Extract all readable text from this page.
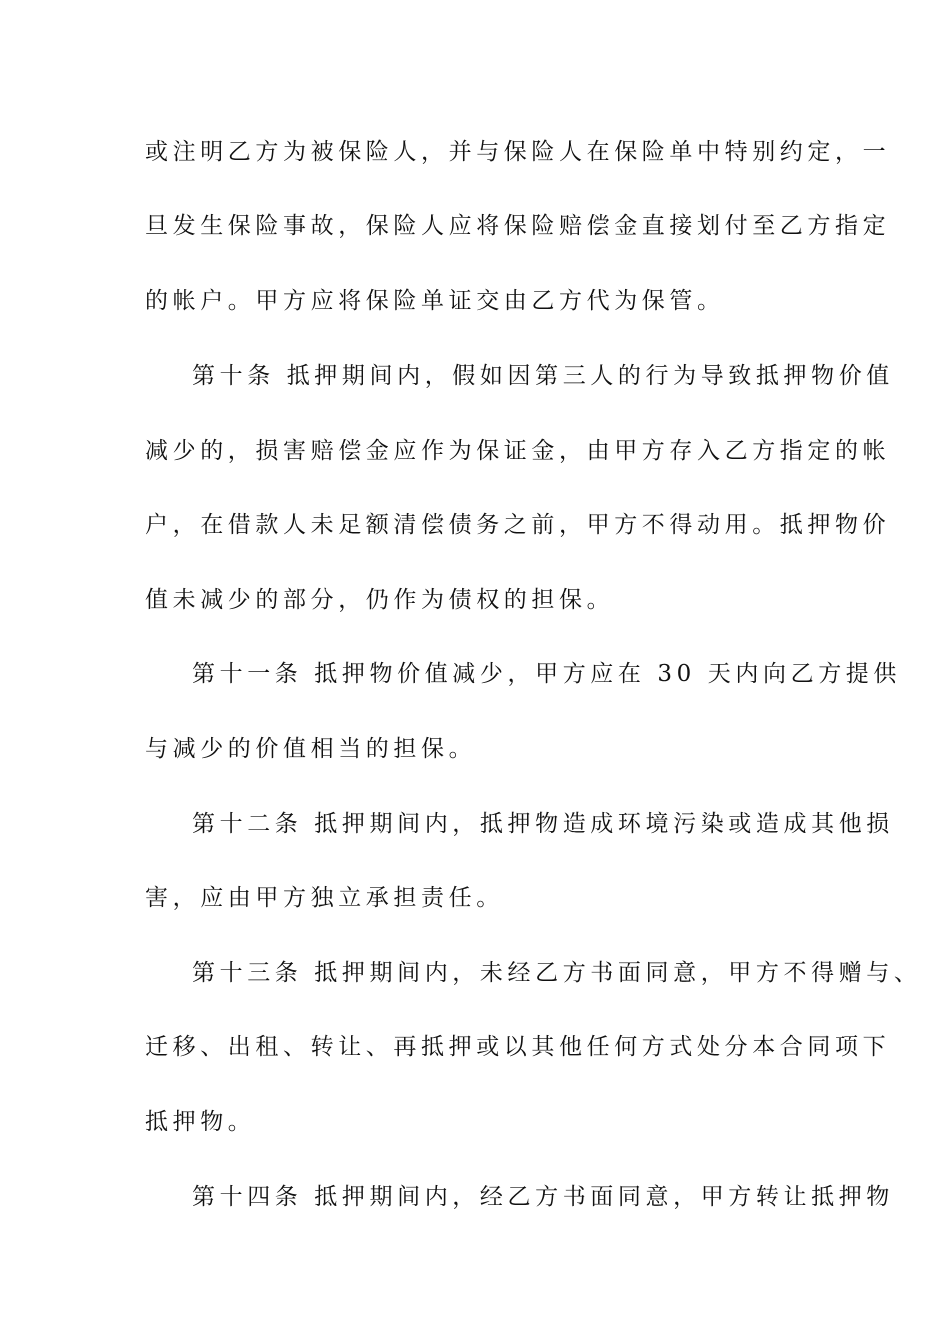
或注明乙方为被保险人，并与保险人在保险单中特别约定，一
旦发生保险事故，保险人应将保险赔偿金直接划付至乙方指定
的帐户。甲方应将保险单证交由乙方代为保管。
第十条 抵押期间内，假如因第三人的行为导致抵押物价值
减少的，损害赔偿金应作为保证金，由甲方存入乙方指定的帐
户，在借款人未足额清偿债务之前，甲方不得动用。抵押物价
值未减少的部分，仍作为债权的担保。
第十一条 抵押物价值减少，甲方应在 30 天内向乙方提供
与减少的价值相当的担保。
第十二条 抵押期间内，抵押物造成环境污染或造成其他损
害，应由甲方独立承担责任。
第十三条 抵押期间内，未经乙方书面同意，甲方不得赠与、
迁移、出租、转让、再抵押或以其他任何方式处分本合同项下
抵押物。
第十四条 抵押期间内，经乙方书面同意，甲方转让抵押物
